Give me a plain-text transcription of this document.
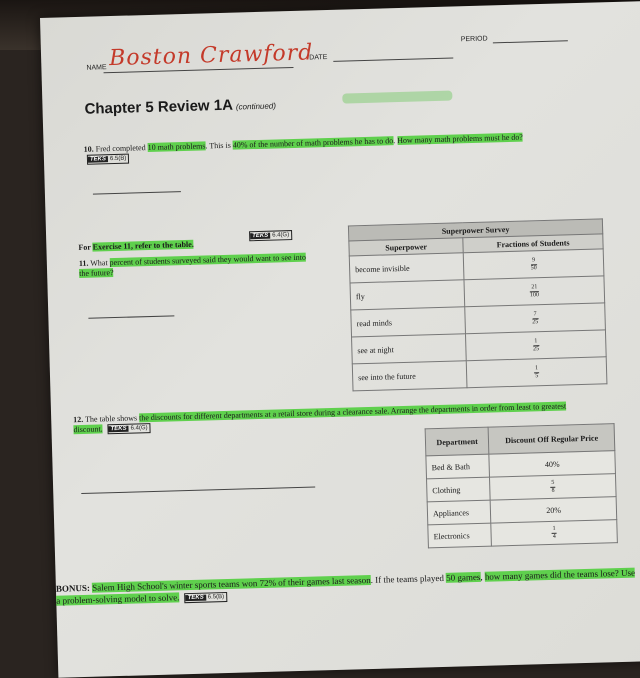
NAME Boston Crawford
DATE
PERIOD
Chapter 5 Review 1A (continued)
10. Fred completed 10 math problems. This is 40% of the number of math problems he has to do. How many math problems must he do? TEKS 6.5(B)
For Exercise 11, refer to the table.
TEKS 6.4(G)
11. What percent of students surveyed said they would want to see into the future?
Superpower Survey	
Superpower	Fractions of Students
become invisible	$\frac{9}{50}$

fly	$\frac{21}{100}$

read minds	$\frac{7}{25}$

see at night	$\frac{1}{25}$

see into the future	$\frac{1}{5}$
12. The table shows the discounts for different departments at a retail store during a clearance sale. Arrange the departments in order from least to greatest discount. TEKS 6.4(G)
Department	Discount Off Regular Price
Bed & Bath	40%
Clothing	$\frac{5}{8}$

Appliances	20%
Electronics	$\frac{1}{4}$
BONUS: Salem High School's winter sports teams won 72% of their games last season. If the teams played 50 games, how many games did the teams lose? Use a problem-solving model to solve. TEKS 6.5(B)
